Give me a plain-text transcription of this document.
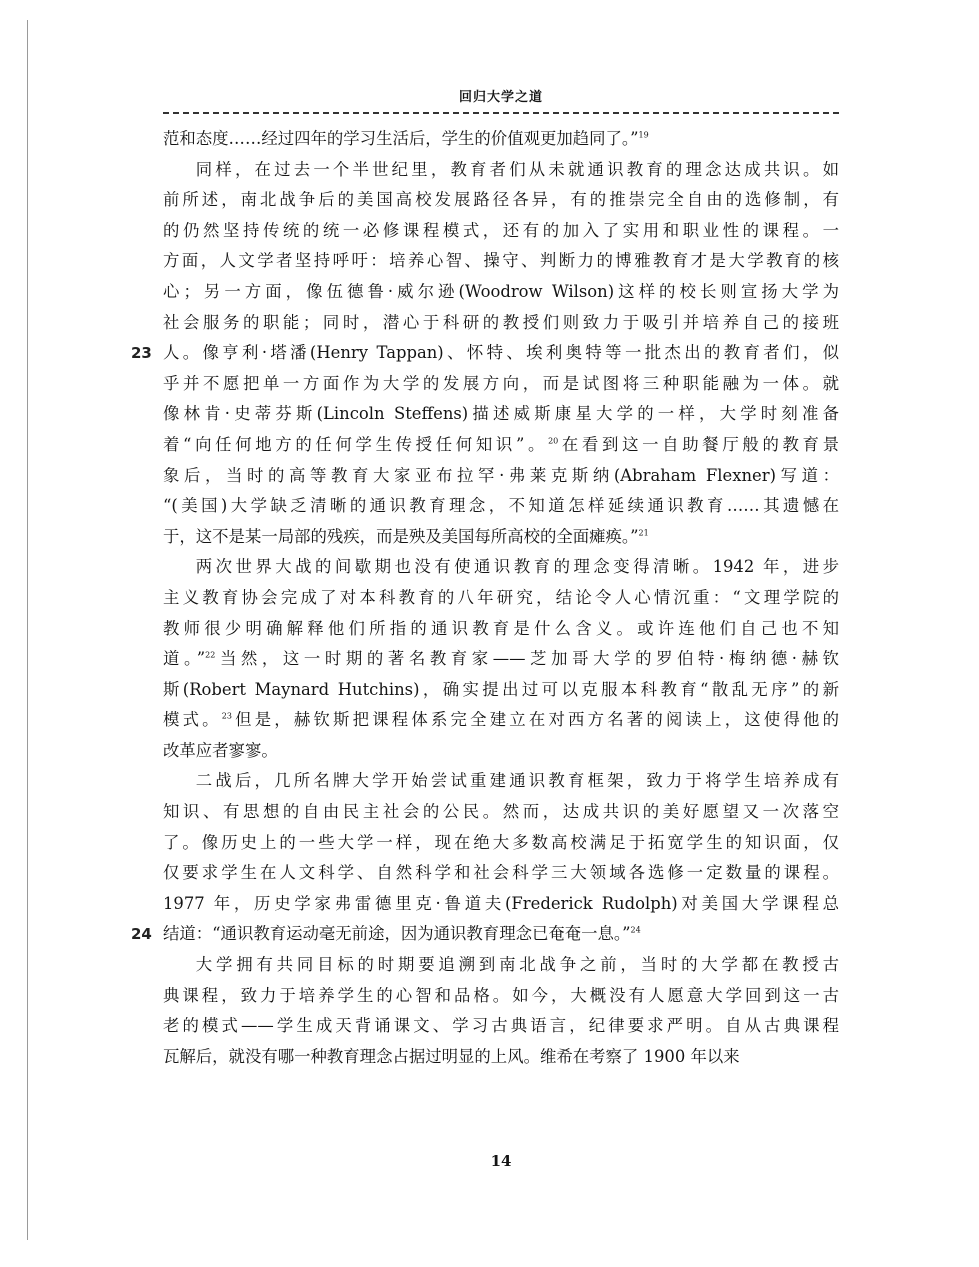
回归大学之道
范和态度……经过四年的学习生活后，学生的价值观更加趋同了。”$^{19}$
同样，在过去一个半世纪里，教育者们从未就通识教育的理念达成共识。如
前所述，南北战争后的美国高校发展路径各异，有的推崇完全自由的选修制，有
的仍然坚持传统的统一必修课程模式，还有的加入了实用和职业性的课程。一
方面，人文学者坚持呼吁：培养心智、操守、判断力的博雅教育才是大学教育的核
心；另一方面，像伍德鲁·威尔逊(Woodrow Wilson)这样的校长则宣扬大学为
社会服务的职能；同时，潜心于科研的教授们则致力于吸引并培养自己的接班
人。像亨利·塔潘(Henry Tappan)、怀特、埃利奥特等一批杰出的教育者们，似
23
乎并不愿把单一方面作为大学的发展方向，而是试图将三种职能融为一体。就
像林肯·史蒂芬斯(Lincoln Steffens)描述威斯康星大学的一样，大学时刻准备
着“向任何地方的任何学生传授任何知识”。$^{20}$在看到这一自助餐厅般的教育景
象后，当时的高等教育大家亚布拉罕·弗莱克斯纳(Abraham Flexner)写道：
“(美国)大学缺乏清晰的通识教育理念，不知道怎样延续通识教育……其遗憾在
于，这不是某一局部的残疾，而是殃及美国每所高校的全面瘫痪。”$^{21}$
两次世界大战的间歇期也没有使通识教育的理念变得清晰。1942 年，进步
主义教育协会完成了对本科教育的八年研究，结论令人心情沉重：“文理学院的
教师很少明确解释他们所指的通识教育是什么含义。或许连他们自己也不知
道。”$^{22}$当然，这一时期的著名教育家——芝加哥大学的罗伯特·梅纳德·赫钦
斯(Robert Maynard Hutchins)，确实提出过可以克服本科教育“散乱无序”的新
模式。$^{23}$但是，赫钦斯把课程体系完全建立在对西方名著的阅读上，这使得他的
改革应者寥寥。
二战后，几所名牌大学开始尝试重建通识教育框架，致力于将学生培养成有
知识、有思想的自由民主社会的公民。然而，达成共识的美好愿望又一次落空
了。像历史上的一些大学一样，现在绝大多数高校满足于拓宽学生的知识面，仅
仅要求学生在人文科学、自然科学和社会科学三大领域各选修一定数量的课程。
1977 年，历史学家弗雷德里克·鲁道夫(Frederick Rudolph)对美国大学课程总
结道：“通识教育运动毫无前途，因为通识教育理念已奄奄一息。”$^{24}$
24
大学拥有共同目标的时期要追溯到南北战争之前，当时的大学都在教授古
典课程，致力于培养学生的心智和品格。如今，大概没有人愿意大学回到这一古
老的模式——学生成天背诵课文、学习古典语言，纪律要求严明。自从古典课程
瓦解后，就没有哪一种教育理念占据过明显的上风。维希在考察了 1900 年以来
14
